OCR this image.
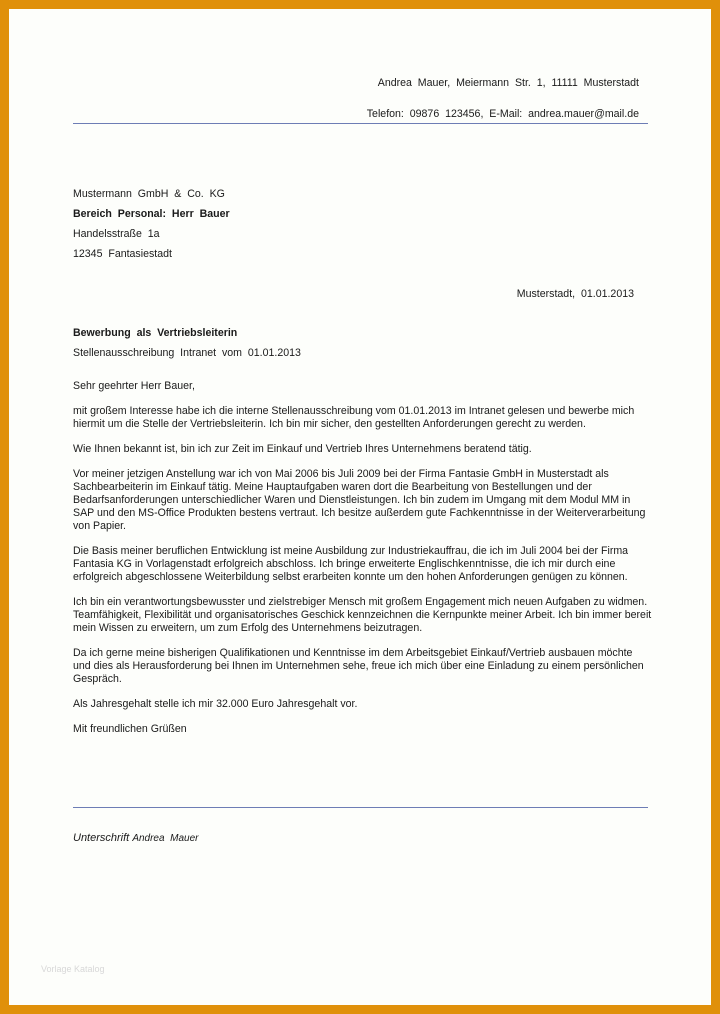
Andrea  Mauer,  Meiermann  Str.  1,  11111  Musterstadt
Telefon:  09876  123456,  E-Mail:  andrea.mauer@mail.de
Mustermann  GmbH  &  Co.  KG
Bereich  Personal:  Herr  Bauer
Handelsstraße  1a
12345  Fantasiestadt
Musterstadt,  01.01.2013
Bewerbung  als  Vertriebsleiterin
Stellenausschreibung  Intranet  vom  01.01.2013

Sehr geehrter Herr Bauer,

mit großem Interesse habe ich die interne Stellenausschreibung vom 01.01.2013 im Intranet gelesen und bewerbe mich hiermit um die Stelle der Vertriebsleiterin. Ich bin mir sicher, den gestellten Anforderungen gerecht zu werden.

Wie Ihnen bekannt ist, bin ich zur Zeit im Einkauf und Vertrieb Ihres Unternehmens beratend tätig.

Vor meiner jetzigen Anstellung war ich von Mai 2006 bis Juli 2009 bei der Firma Fantasie GmbH in Musterstadt als Sachbearbeiterin im Einkauf tätig. Meine Hauptaufgaben waren dort die Bearbeitung von Bestellungen und der Bedarfsanforderungen unterschiedlicher Waren und Dienstleistungen. Ich bin zudem im Umgang mit dem Modul MM in SAP und den MS-Office Produkten bestens vertraut. Ich besitze außerdem gute Fachkenntnisse in der Weiterverarbeitung von Papier.

Die Basis meiner beruflichen Entwicklung ist meine Ausbildung zur Industriekauffrau, die ich im Juli 2004 bei der Firma Fantasia KG in Vorlagenstadt erfolgreich abschloss. Ich bringe erweiterte Englischkenntnisse, die ich mir durch eine erfolgreich abgeschlossene Weiterbildung selbst erarbeiten konnte um den hohen Anforderungen genügen zu können.

Ich bin ein verantwortungsbewusster und zielstrebiger Mensch mit großem Engagement mich neuen Aufgaben zu widmen. Teamfähigkeit, Flexibilität und organisatorisches Geschick kennzeichnen die Kernpunkte meiner Arbeit. Ich bin immer bereit mein Wissen zu erweitern, um zum Erfolg des Unternehmens beizutragen.

Da ich gerne meine bisherigen Qualifikationen und Kenntnisse im dem Arbeitsgebiet Einkauf/Vertrieb ausbauen möchte und dies als Herausforderung bei Ihnen im Unternehmen sehe, freue ich mich über eine Einladung zu einem persönlichen Gespräch.

Als Jahresgehalt stelle ich mir 32.000 Euro Jahresgehalt vor.

Mit freundlichen Grüßen

Unterschrift Andrea  Mauer
Vorlage Katalog
